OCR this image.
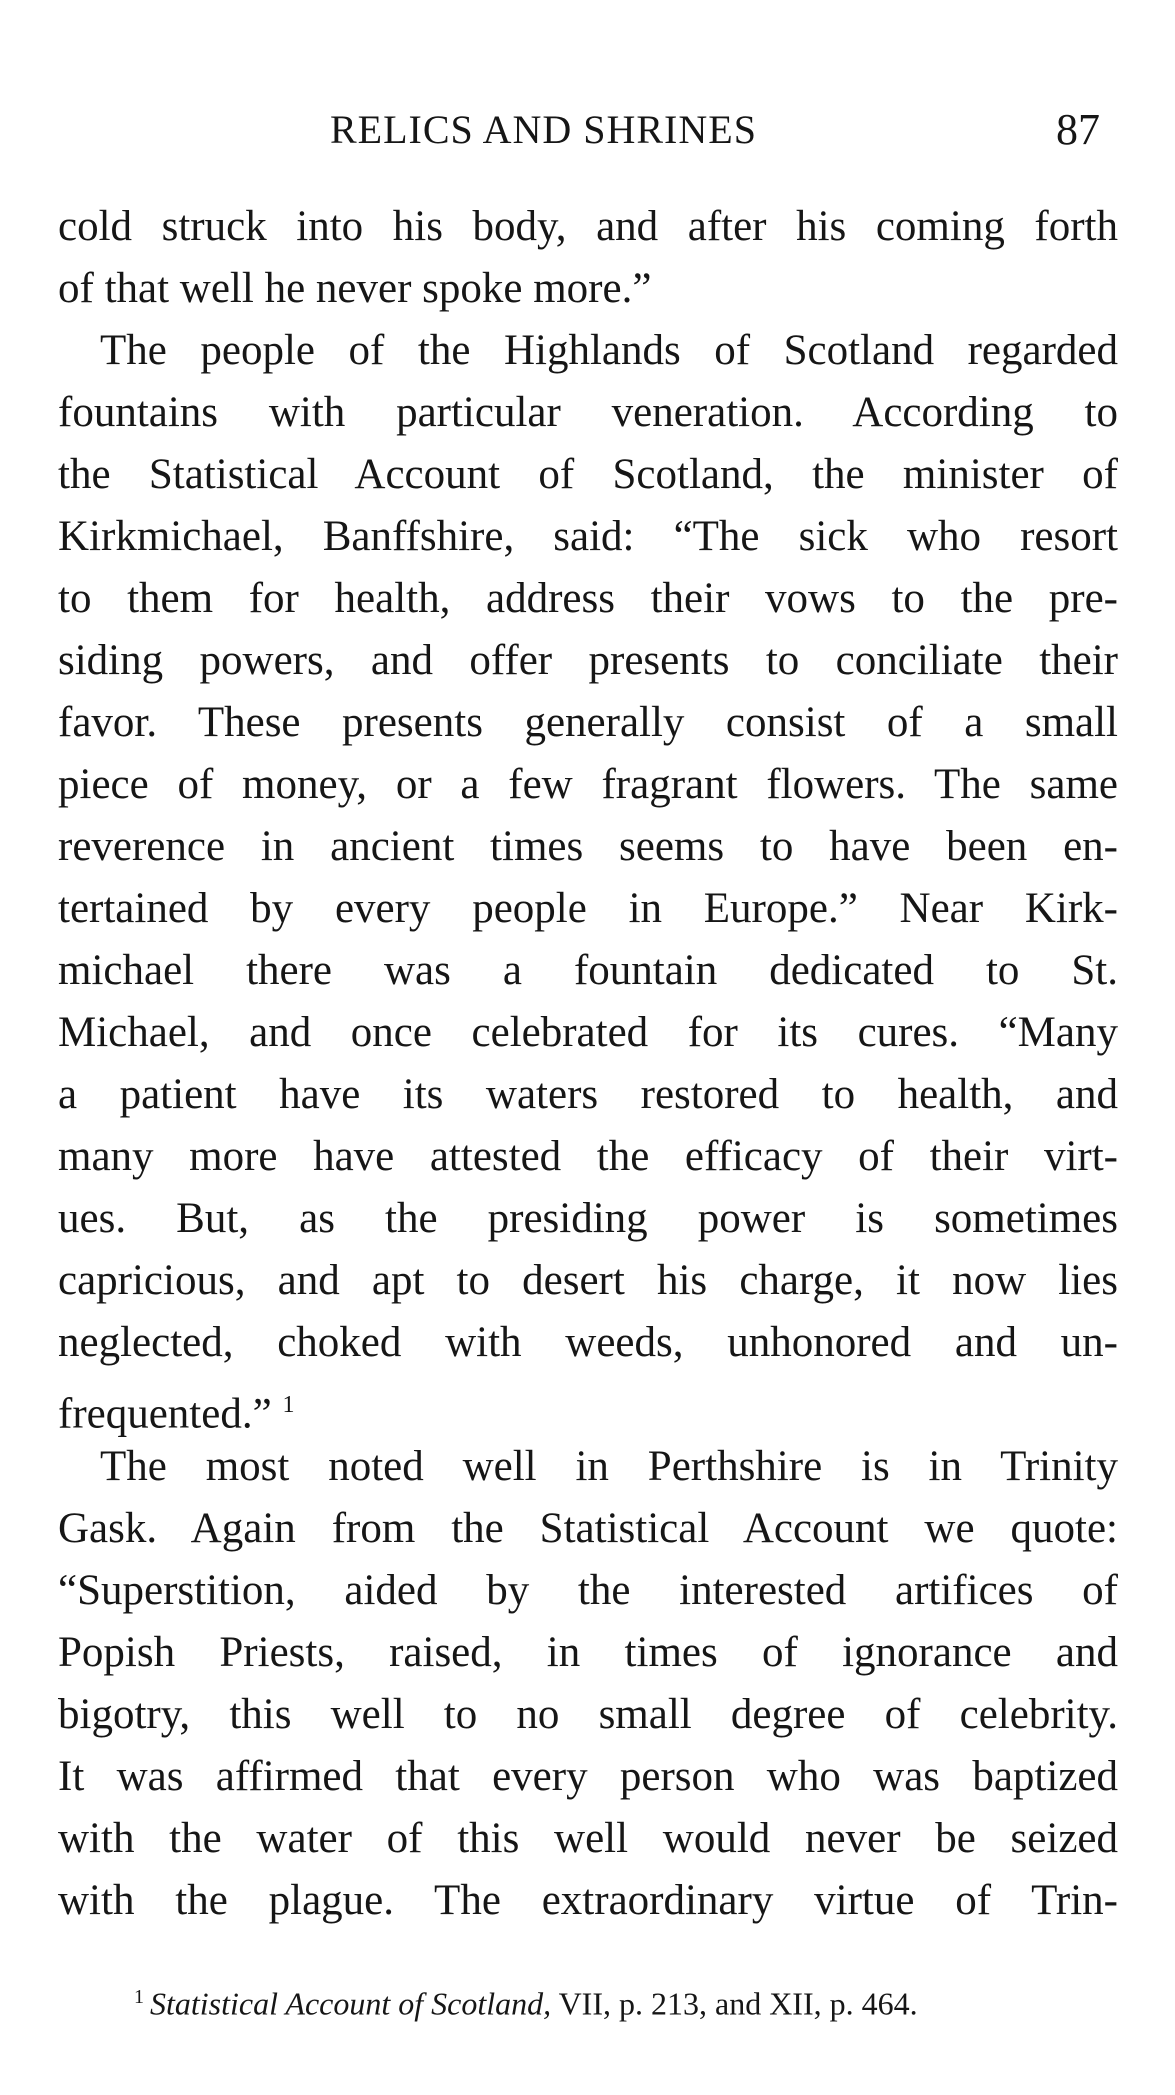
RELICS AND SHRINES	87
cold struck into his body, and after his coming forth
of that well he never spoke more.”
The people of the Highlands of Scotland regarded
fountains with particular veneration. According to
the Statistical Account of Scotland, the minister of
Kirkmichael, Banffshire, said: “The sick who resort
to them for health, address their vows to the pre-
siding powers, and offer presents to conciliate their
favor. These presents generally consist of a small
piece of money, or a few fragrant flowers. The same
reverence in ancient times seems to have been en-
tertained by every people in Europe.” Near Kirk-
michael there was a fountain dedicated to St.
Michael, and once celebrated for its cures. “Many
a patient have its waters restored to health, and
many more have attested the efficacy of their virt-
ues. But, as the presiding power is sometimes
capricious, and apt to desert his charge, it now lies
neglected, choked with weeds, unhonored and un-
frequented.” $^1$
The most noted well in Perthshire is in Trinity
Gask. Again from the Statistical Account we quote:
“Superstition, aided by the interested artifices of
Popish Priests, raised, in times of ignorance and
bigotry, this well to no small degree of celebrity.
It was affirmed that every person who was baptized
with the water of this well would never be seized
with the plague. The extraordinary virtue of Trin-
$^1$ Statistical Account of Scotland, VII, p. 213, and XII, p. 464.
